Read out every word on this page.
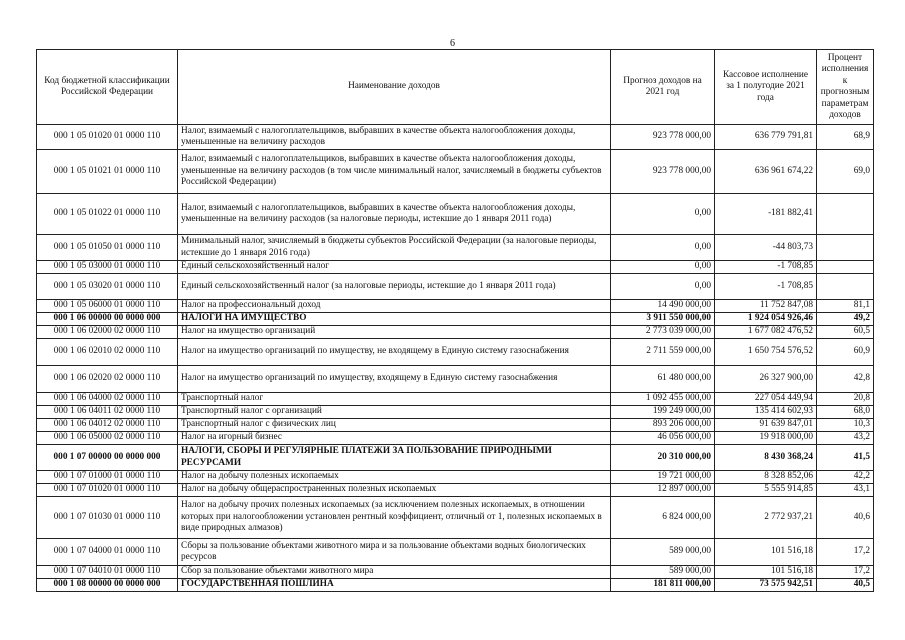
6
Код бюджетной классификации Российской Федерации	Наименование доходов	Прогноз доходов на 2021 год	Кассовое исполнение за 1 полугодие 2021 года	Процент исполнения к прогнозным параметрам доходов
000 1 05 01020 01 0000 110	Налог, взимаемый с налогоплательщиков, выбравших в качестве объекта налогообложения доходы, уменьшенные на величину расходов	923 778 000,00	636 779 791,81	68,9
000 1 05 01021 01 0000 110	Налог, взимаемый с налогоплательщиков, выбравших в качестве объекта налогообложения доходы, уменьшенные на величину расходов (в том числе минимальный налог, зачисляемый в бюджеты субъектов Российской Федерации)	923 778 000,00	636 961 674,22	69,0
000 1 05 01022 01 0000 110	Налог, взимаемый с налогоплательщиков, выбравших в качестве объекта налогообложения доходы, уменьшенные на величину расходов (за налоговые периоды, истекшие до 1 января 2011 года)	0,00	-181 882,41	
000 1 05 01050 01 0000 110	Минимальный налог, зачисляемый в бюджеты субъектов Российской Федерации (за налоговые периоды, истекшие до 1 января 2016 года)	0,00	-44 803,73	
000 1 05 03000 01 0000 110	Единый сельскохозяйственный налог	0,00	-1 708,85	
000 1 05 03020 01 0000 110	Единый сельскохозяйственный налог (за налоговые периоды, истекшие до 1 января 2011 года)	0,00	-1 708,85	
000 1 05 06000 01 0000 110	Налог на профессиональный доход	14 490 000,00	11 752 847,08	81,1
000 1 06 00000 00 0000 000	НАЛОГИ НА ИМУЩЕСТВО	3 911 550 000,00	1 924 054 926,46	49,2
000 1 06 02000 02 0000 110	Налог на имущество организаций	2 773 039 000,00	1 677 082 476,52	60,5
000 1 06 02010 02 0000 110	Налог на имущество организаций по имуществу, не входящему в Единую систему газоснабжения	2 711 559 000,00	1 650 754 576,52	60,9
000 1 06 02020 02 0000 110	Налог на имущество организаций по имуществу, входящему в Единую систему газоснабжения	61 480 000,00	26 327 900,00	42,8
000 1 06 04000 02 0000 110	Транспортный налог	1 092 455 000,00	227 054 449,94	20,8
000 1 06 04011 02 0000 110	Транспортный налог с организаций	199 249 000,00	135 414 602,93	68,0
000 1 06 04012 02 0000 110	Транспортный налог с физических лиц	893 206 000,00	91 639 847,01	10,3
000 1 06 05000 02 0000 110	Налог на игорный бизнес	46 056 000,00	19 918 000,00	43,2
000 1 07 00000 00 0000 000	НАЛОГИ, СБОРЫ И РЕГУЛЯРНЫЕ ПЛАТЕЖИ ЗА ПОЛЬЗОВАНИЕ ПРИРОДНЫМИ РЕСУРСАМИ	20 310 000,00	8 430 368,24	41,5
000 1 07 01000 01 0000 110	Налог на добычу полезных ископаемых	19 721 000,00	8 328 852,06	42,2
000 1 07 01020 01 0000 110	Налог на добычу общераспространенных полезных ископаемых	12 897 000,00	5 555 914,85	43,1
000 1 07 01030 01 0000 110	Налог на добычу прочих полезных ископаемых (за исключением полезных ископаемых, в отношении которых при налогообложении установлен рентный коэффициент, отличный от 1, полезных ископаемых в виде природных алмазов)	6 824 000,00	2 772 937,21	40,6
000 1 07 04000 01 0000 110	Сборы за пользование объектами животного мира и за пользование объектами водных биологических ресурсов	589 000,00	101 516,18	17,2
000 1 07 04010 01 0000 110	Сбор за пользование объектами животного мира	589 000,00	101 516,18	17,2
000 1 08 00000 00 0000 000	ГОСУДАРСТВЕННАЯ ПОШЛИНА	181 811 000,00	73 575 942,51	40,5
